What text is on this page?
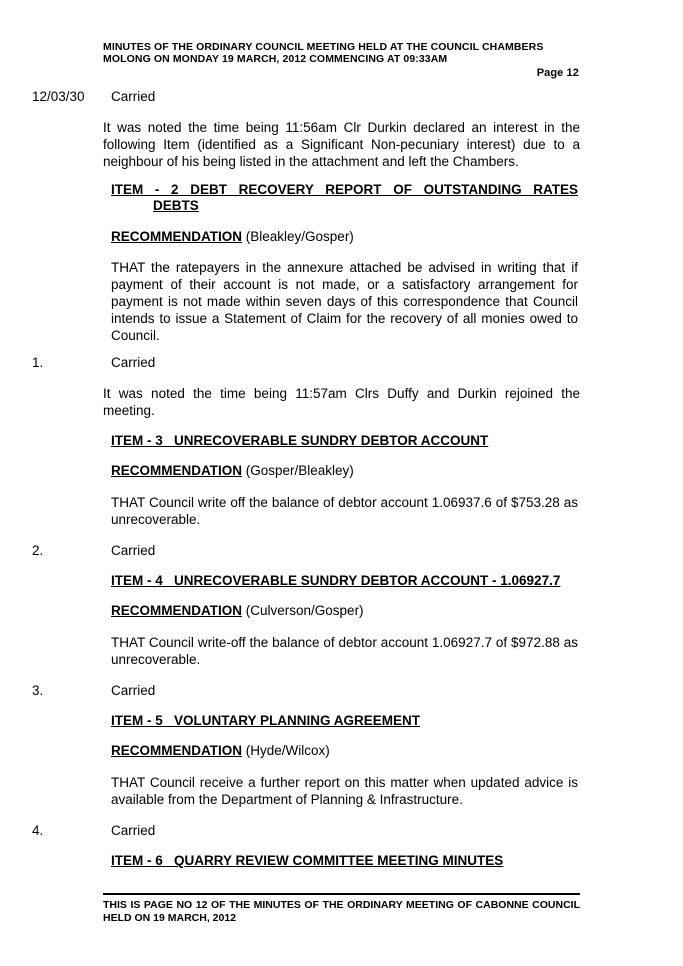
MINUTES OF THE ORDINARY COUNCIL MEETING HELD AT THE COUNCIL CHAMBERS
MOLONG ON MONDAY 19 MARCH, 2012 COMMENCING AT 09:33AM
Page 12
12/03/30 Carried
It was noted the time being 11:56am Clr Durkin declared an interest in the following Item (identified as a Significant Non-pecuniary interest) due to a neighbour of his being listed in the attachment and left the Chambers.
ITEM - 2 DEBT RECOVERY REPORT OF OUTSTANDING RATES
DEBTS
RECOMMENDATION (Bleakley/Gosper)
THAT the ratepayers in the annexure attached be advised in writing that if payment of their account is not made, or a satisfactory arrangement for payment is not made within seven days of this correspondence that Council intends to issue a Statement of Claim for the recovery of all monies owed to Council.
1.	Carried
It was noted the time being 11:57am Clrs Duffy and Durkin rejoined the meeting.
ITEM - 3   UNRECOVERABLE SUNDRY DEBTOR ACCOUNT
RECOMMENDATION (Gosper/Bleakley)
THAT Council write off the balance of debtor account 1.06937.6 of $753.28 as unrecoverable.
2.	Carried
ITEM - 4   UNRECOVERABLE SUNDRY DEBTOR ACCOUNT - 1.06927.7
RECOMMENDATION (Culverson/Gosper)
THAT Council write-off the balance of debtor account 1.06927.7 of $972.88 as unrecoverable.
3.	Carried
ITEM - 5   VOLUNTARY PLANNING AGREEMENT
RECOMMENDATION (Hyde/Wilcox)
THAT Council receive a further report on this matter when updated advice is available from the Department of Planning & Infrastructure.
4.	Carried
ITEM - 6   QUARRY REVIEW COMMITTEE MEETING MINUTES
THIS IS PAGE NO 12 OF THE MINUTES OF THE ORDINARY MEETING OF CABONNE COUNCIL HELD ON 19 MARCH, 2012
